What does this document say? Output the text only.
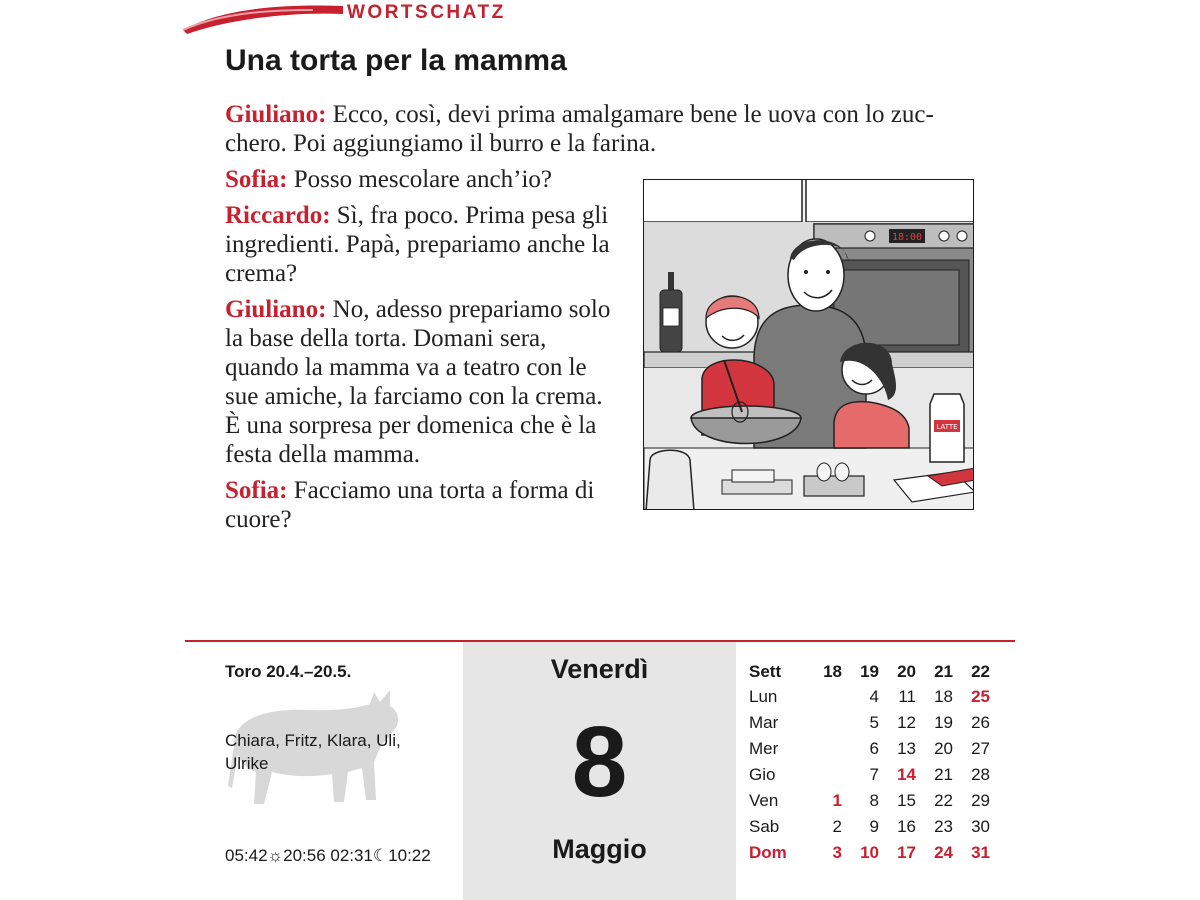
WORTSCHATZ
Una torta per la mamma

Giuliano: Ecco, così, devi prima amalgamare bene le uova con lo zucchero. Poi aggiungiamo il burro e la farina.

Sofia: Posso mescolare anch’io?

Riccardo: Sì, fra poco. Prima pesa gli ingredienti. Papà, prepariamo anche la crema?

Giuliano: No, adesso prepariamo solo la base della torta. Domani sera, quando la mamma va a teatro con le sue amiche, la farciamo con la crema. È una sorpresa per domenica che è la festa della mamma.

Sofia: Facciamo una torta a forma di cuore?

18:00
LATTE
Toro 20.4.–20.5.
Chiara, Fritz, Klara, Uli, Ulrike
05:42☼20:56 02:31☾10:22
Venerdì
8
Maggio
Sett	18	19	20	21	22
Lun		4	11	18	25
Mar		5	12	19	26
Mer		6	13	20	27
Gio		7	14	21	28
Ven	1	8	15	22	29
Sab	2	9	16	23	30
Dom	3	10	17	24	31
